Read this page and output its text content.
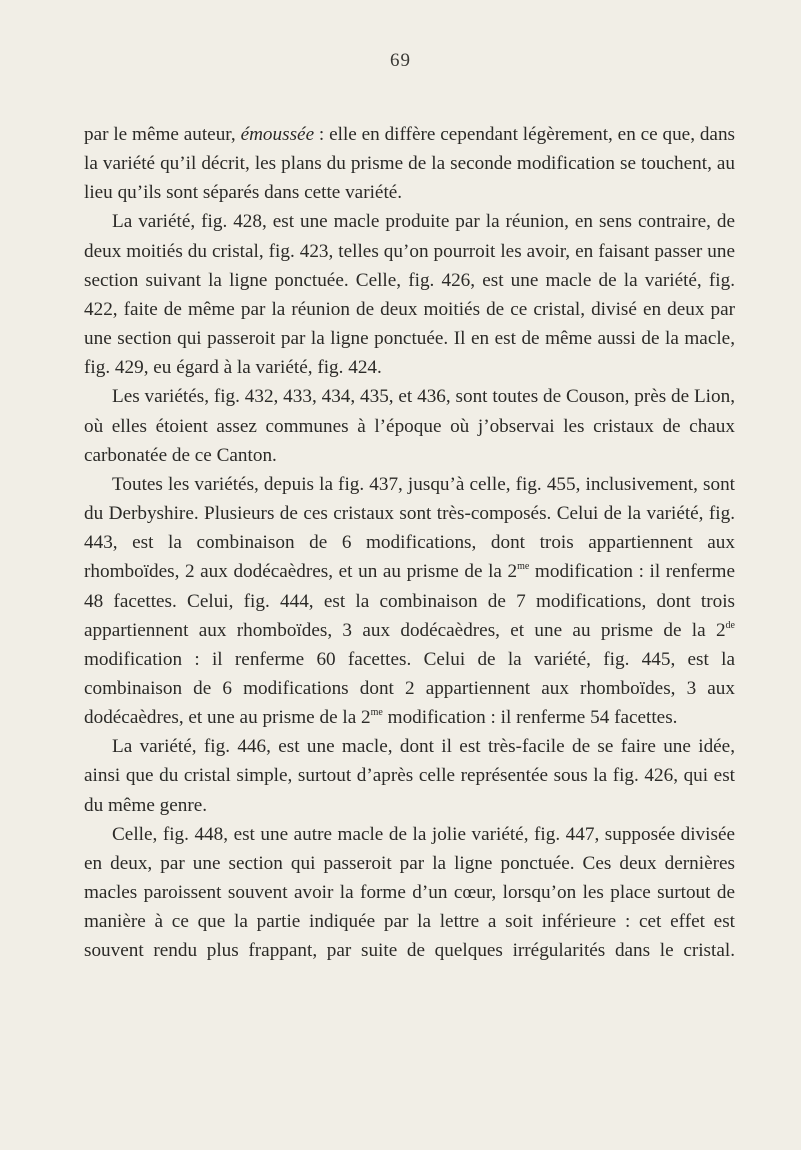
69

par le même auteur, émoussée : elle en diffère cependant légèrement, en ce que, dans la variété qu’il décrit, les plans du prisme de la seconde modification se touchent, au lieu qu’ils sont séparés dans cette variété.

La variété, fig. 428, est une macle produite par la réunion, en sens contraire, de deux moitiés du cristal, fig. 423, telles qu’on pourroit les avoir, en faisant passer une section suivant la ligne ponctuée. Celle, fig. 426, est une macle de la variété, fig. 422, faite de même par la réunion de deux moitiés de ce cristal, divisé en deux par une section qui passeroit par la ligne ponctuée. Il en est de même aussi de la macle, fig. 429, eu égard à la variété, fig. 424.

Les variétés, fig. 432, 433, 434, 435, et 436, sont toutes de Couson, près de Lion, où elles étoient assez communes à l’époque où j’observai les cristaux de chaux carbonatée de ce Canton.

Toutes les variétés, depuis la fig. 437, jusqu’à celle, fig. 455, inclusivement, sont du Derbyshire. Plusieurs de ces cristaux sont très-composés. Celui de la variété, fig. 443, est la combinaison de 6 modifications, dont trois appartiennent aux rhomboïdes, 2 aux dodécaèdres, et un au prisme de la $2^{me}$ modification : il renferme 48 facettes. Celui, fig. 444, est la combinaison de 7 modifications, dont trois appartiennent aux rhomboïdes, 3 aux dodécaèdres, et une au prisme de la 2de modification : il renferme 60 facettes. Celui de la variété, fig. 445, est la combinaison de 6 modifications dont 2 appartiennent aux rhomboïdes, 3 aux dodécaèdres, et une au prisme de la $2^{me}$ modification : il renferme 54 facettes.

La variété, fig. 446, est une macle, dont il est très-facile de se faire une idée, ainsi que du cristal simple, surtout d’après celle représentée sous la fig. 426, qui est du même genre.

Celle, fig. 448, est une autre macle de la jolie variété, fig. 447, supposée divisée en deux, par une section qui passeroit par la ligne ponctuée. Ces deux dernières macles paroissent souvent avoir la forme d’un cœur, lorsqu’on les place surtout de manière à ce que la partie indiquée par la lettre a soit inférieure : cet effet est souvent rendu plus frappant, par suite de quelques irrégularités dans le cristal.
